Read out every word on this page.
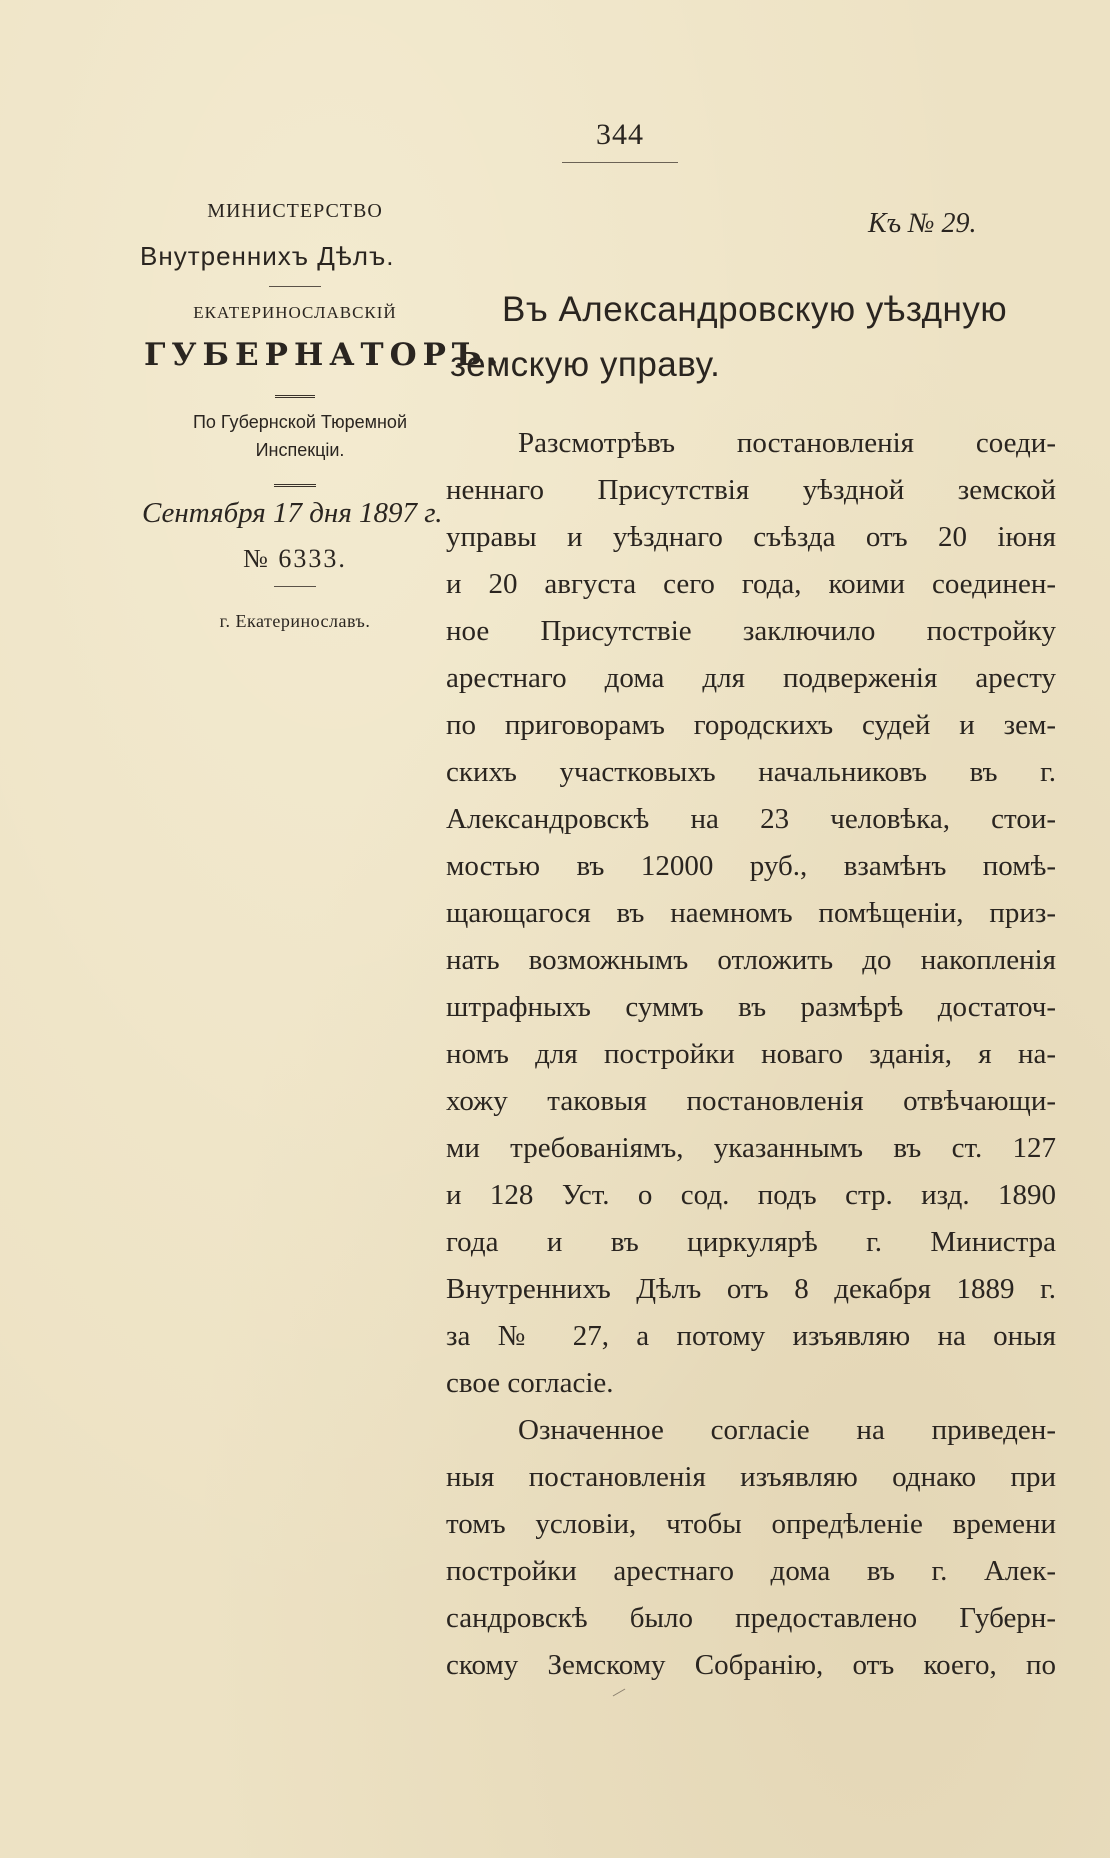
344
МИНИСТЕРСТВО
Внутреннихъ Дѣлъ.
ЕКАТЕРИНОСЛАВСКІЙ
ГУБЕРНАТОРЪ.
По Губернской Тюремной
Инспекціи.
Сентября 17 дня 1897 г.
№ 6333.
г. Екатеринославъ.
Къ № 29.
Въ Александровскую уѣздную
земскую управу.
Разсмотрѣвъ постановленія соеди-
неннаго Присутствія уѣздной земской
управы и уѣзднаго съѣзда отъ 20 іюня
и 20 августа сего года, коими соединен-
ное Присутствіе заключило постройку
арестнаго дома для подверженія аресту
по приговорамъ городскихъ судей и зем-
скихъ участковыхъ начальниковъ въ г.
Александровскѣ на 23 человѣка, стои-
мостью въ 12000 руб., взамѣнъ помѣ-
щающагося въ наемномъ помѣщеніи, приз-
нать возможнымъ отложить до накопленія
штрафныхъ суммъ въ размѣрѣ достаточ-
номъ для постройки новаго зданія, я на-
хожу таковыя постановленія отвѣчающи-
ми требованіямъ, указаннымъ въ ст. 127
и 128 Уст. о сод. подъ стр. изд. 1890
года и въ циркулярѣ г. Министра
Внутреннихъ Дѣлъ отъ 8 декабря 1889 г.
за № 27, а потому изъявляю на оныя
свое согласіе.
Означенное согласіе на приведен-
ныя постановленія изъявляю однако при
томъ условіи, чтобы опредѣленіе времени
постройки арестнаго дома въ г. Алек-
сандровскѣ было предоставлено Губерн-
скому Земскому Собранію, отъ коего, по
